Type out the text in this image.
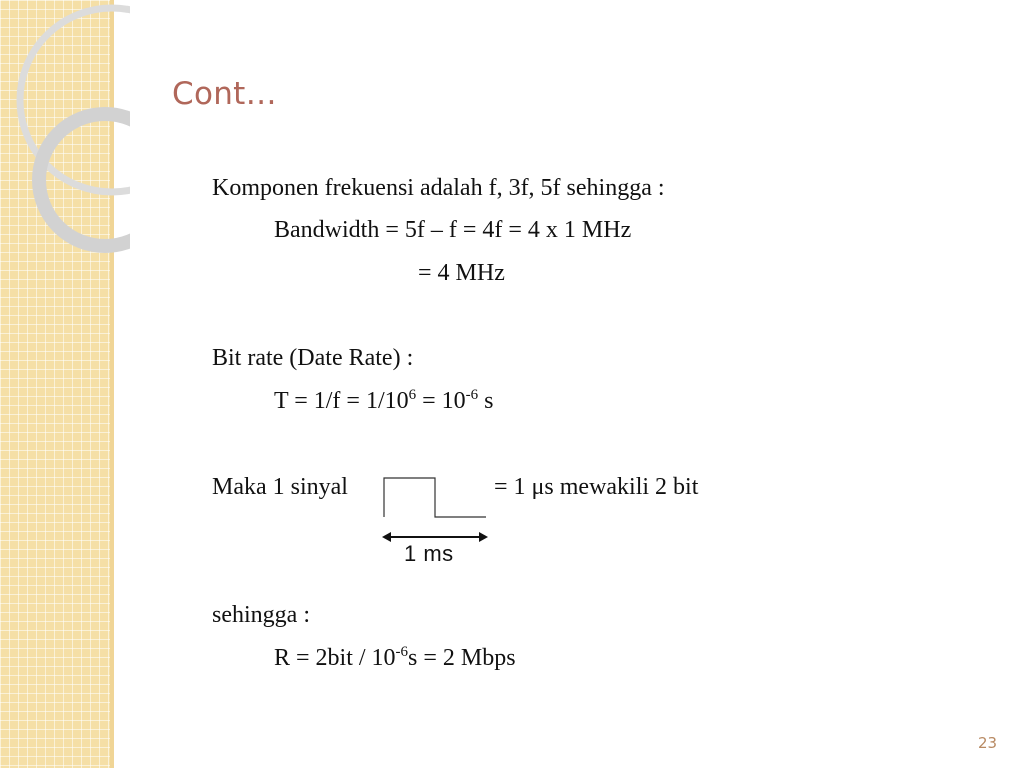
Cont…
Komponen frekuensi adalah f, 3f, 5f sehingga :
Bandwidth = 5f – f = 4f = 4 x 1 MHz
= 4 MHz
Bit rate (Date Rate) :
$T = 1/f = 1/10^6 = 10^{-6}$ s
Maka 1 sinyal	= 1 μs mewakili 2 bit
1 ms
sehingga :
$R = 2bit / 10^{-6}s = 2$ Mbps
23
